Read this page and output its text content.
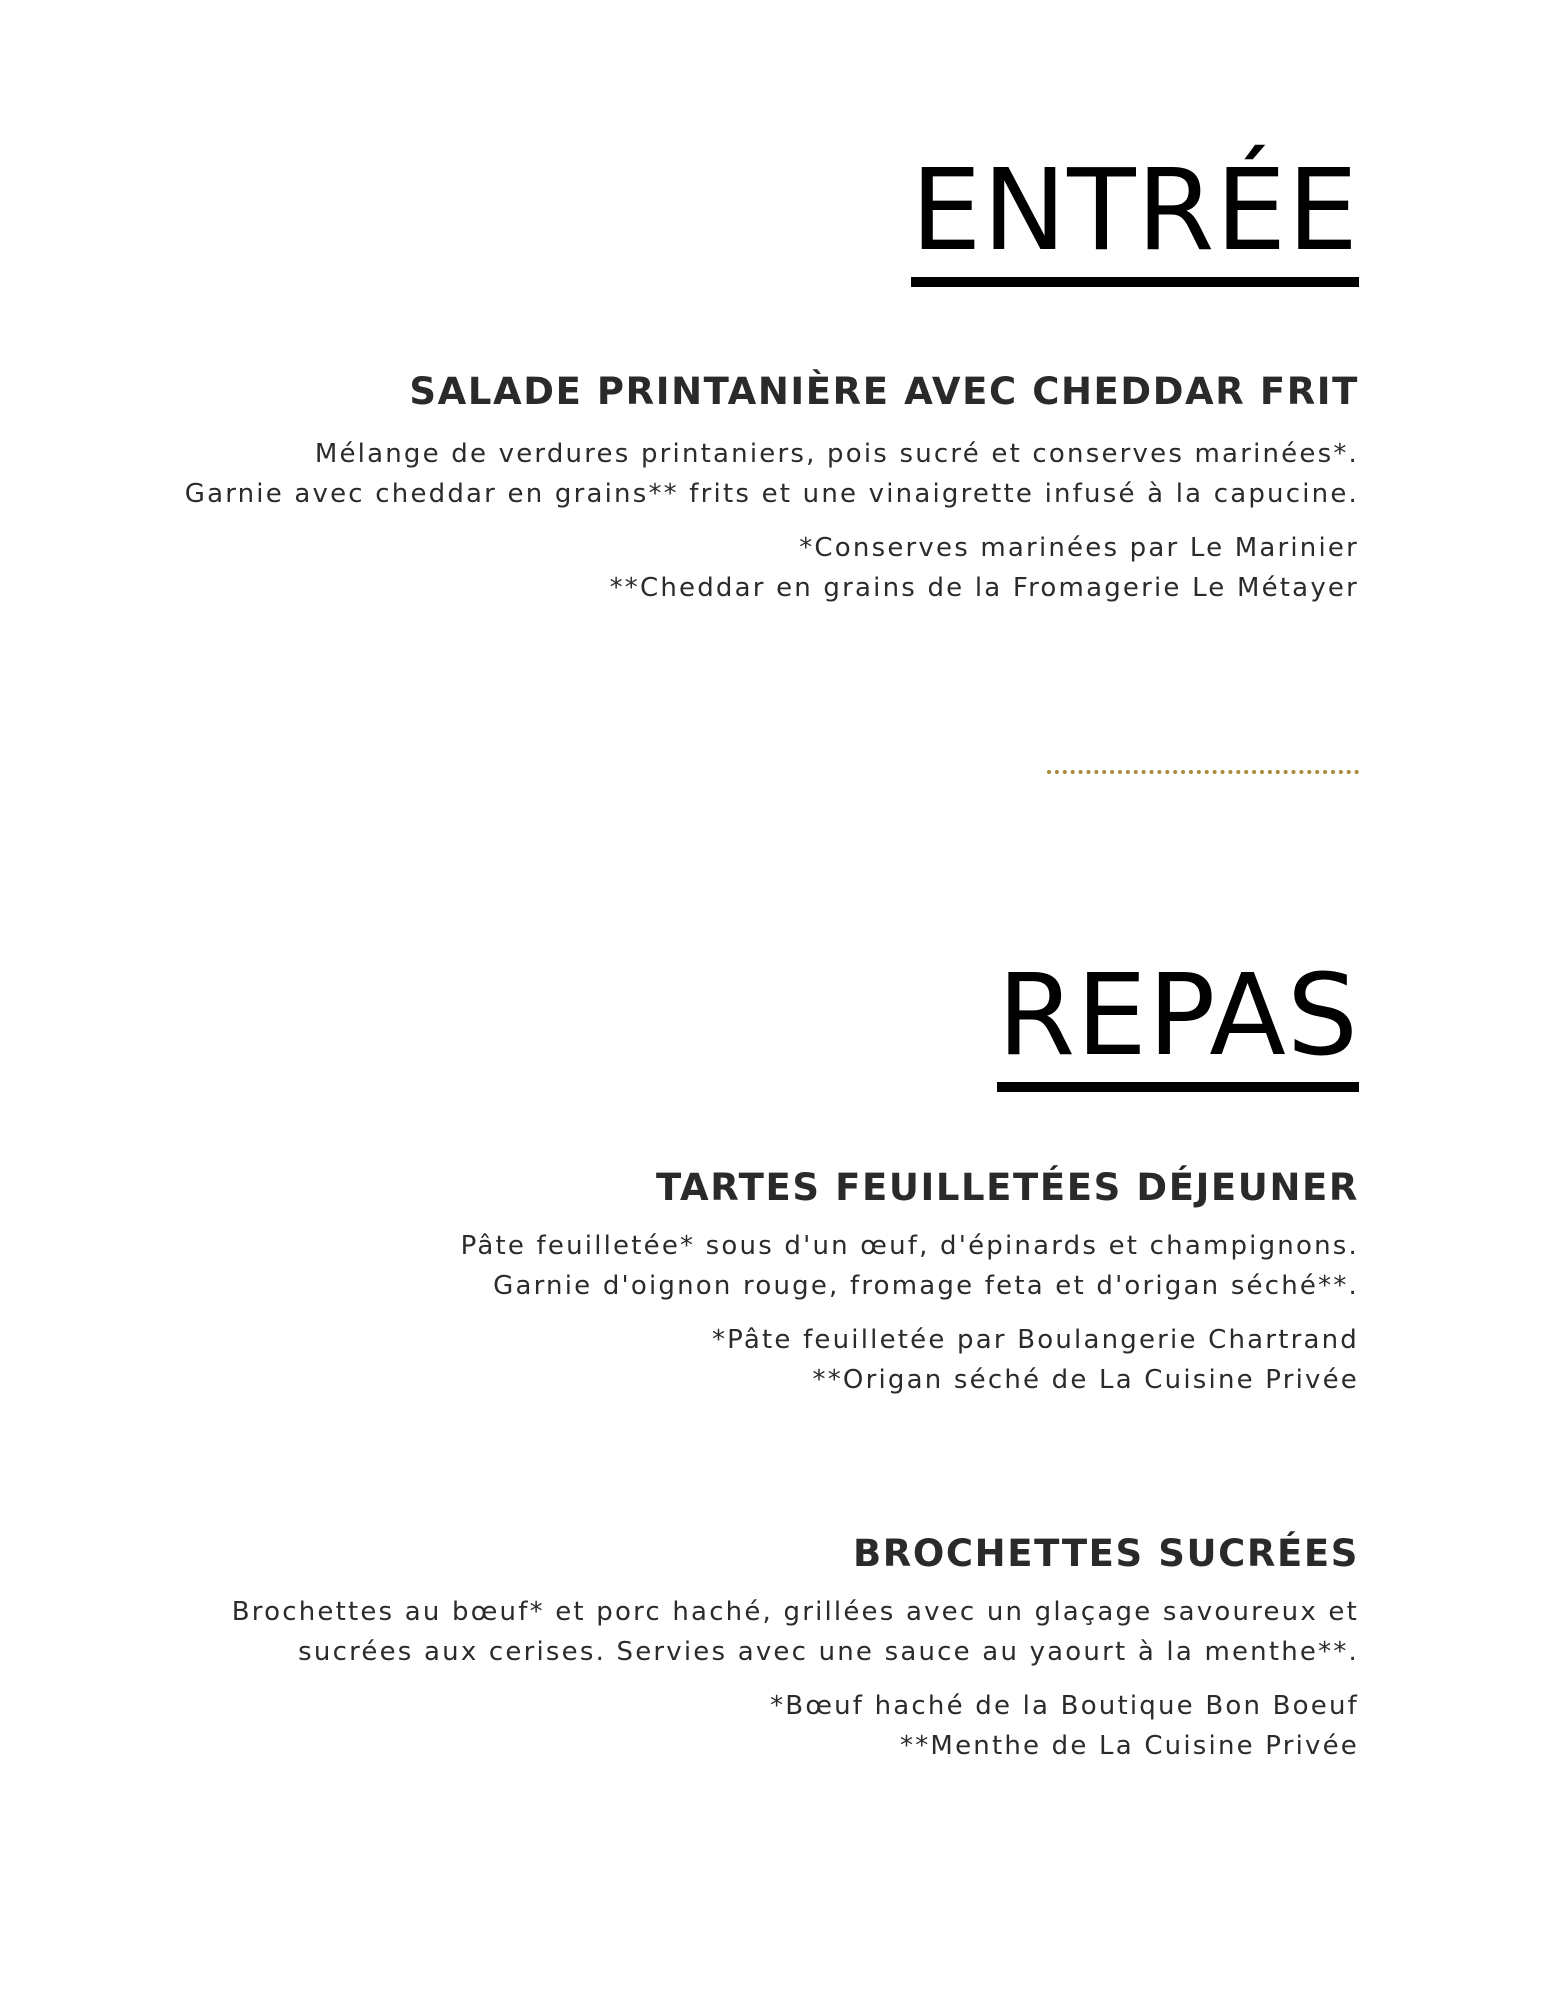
ENTRÉE
SALADE PRINTANIÈRE AVEC CHEDDAR FRIT
Mélange de verdures printaniers, pois sucré et conserves marinées*.
Garnie avec cheddar en grains** frits et une vinaigrette infusé à la capucine.
*Conserves marinées par Le Marinier
**Cheddar en grains de la Fromagerie Le Métayer
REPAS
TARTES FEUILLETÉES DÉJEUNER
Pâte feuilletée* sous d'un œuf, d'épinards et champignons.
Garnie d'oignon rouge, fromage feta et d'origan séché**.
*Pâte feuilletée par Boulangerie Chartrand
**Origan séché de La Cuisine Privée
BROCHETTES SUCRÉES
Brochettes au bœuf* et porc haché, grillées avec un glaçage savoureux et
sucrées aux cerises. Servies avec une sauce au yaourt à la menthe**.
*Bœuf haché de la Boutique Bon Boeuf
**Menthe de La Cuisine Privée
